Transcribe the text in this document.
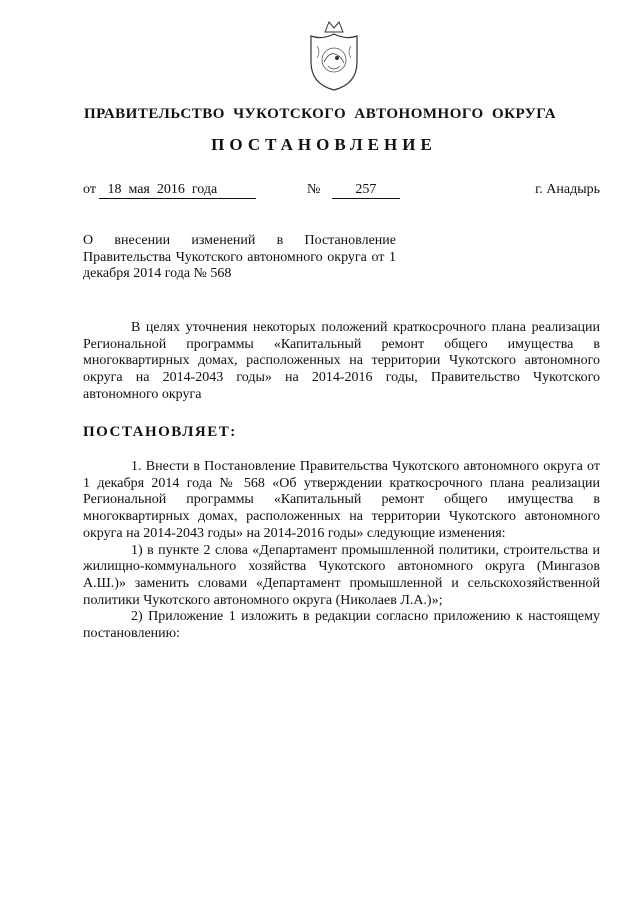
ПРАВИТЕЛЬСТВО ЧУКОТСКОГО АВТОНОМНОГО ОКРУГА
ПОСТАНОВЛЕНИЕ
от 18  мая  2016  года	№	257	г. Анадырь

О внесении изменений в Постановление Правительства Чукотского автономного округа от 1 декабря 2014 года № 568

В целях уточнения некоторых положений краткосрочного плана реализации Региональной программы «Капитальный ремонт общего имущества в многоквартирных домах, расположенных на территории Чукотского автономного округа на 2014-2043 годы» на 2014-2016 годы, Правительство Чукотского автономного округа

ПОСТАНОВЛЯЕТ:

1. Внести в Постановление Правительства Чукотского автономного округа от 1 декабря 2014 года № 568 «Об утверждении краткосрочного плана реализации Региональной программы «Капитальный ремонт общего имущества в многоквартирных домах, расположенных на территории Чукотского автономного округа на 2014-2043 годы» на 2014-2016 годы» следующие изменения:

1) в пункте 2 слова «Департамент промышленной политики, строительства и жилищно-коммунального хозяйства Чукотского автономного округа (Мингазов А.Ш.)» заменить словами «Департамент промышленной и сельскохозяйственной политики Чукотского автономного округа (Николаев Л.А.)»;

2) Приложение 1 изложить в редакции согласно приложению к настоящему постановлению:
